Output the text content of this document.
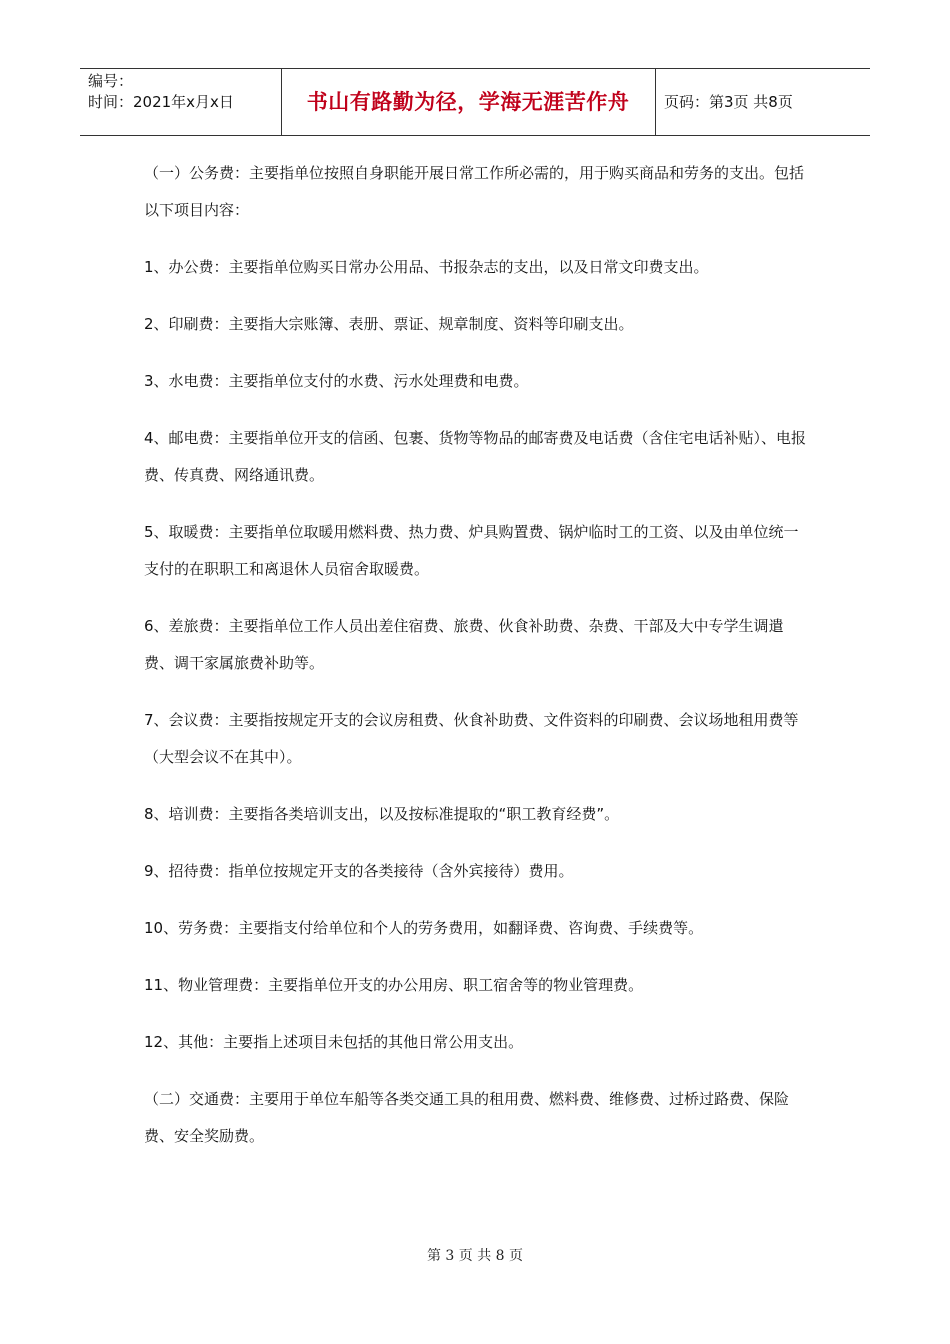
编号：
时间：2021年x月x日	书山有路勤为径，学海无涯苦作舟	页码：第3页 共8页

（一）公务费：主要指单位按照自身职能开展日常工作所必需的，用于购买商品和劳务的支出。包括以下项目内容：

1、办公费：主要指单位购买日常办公用品、书报杂志的支出，以及日常文印费支出。

2、印刷费：主要指大宗账簿、表册、票证、规章制度、资料等印刷支出。

3、水电费：主要指单位支付的水费、污水处理费和电费。

4、邮电费：主要指单位开支的信函、包裹、货物等物品的邮寄费及电话费（含住宅电话补贴）、电报费、传真费、网络通讯费。

5、取暖费：主要指单位取暖用燃料费、热力费、炉具购置费、锅炉临时工的工资、以及由单位统一支付的在职职工和离退休人员宿舍取暖费。

6、差旅费：主要指单位工作人员出差住宿费、旅费、伙食补助费、杂费、干部及大中专学生调遣费、调干家属旅费补助等。

7、会议费：主要指按规定开支的会议房租费、伙食补助费、文件资料的印刷费、会议场地租用费等（大型会议不在其中）。

8、培训费：主要指各类培训支出，以及按标准提取的“职工教育经费”。

9、招待费：指单位按规定开支的各类接待（含外宾接待）费用。

10、劳务费：主要指支付给单位和个人的劳务费用，如翻译费、咨询费、手续费等。

11、物业管理费：主要指单位开支的办公用房、职工宿舍等的物业管理费。

12、其他：主要指上述项目未包括的其他日常公用支出。

（二）交通费：主要用于单位车船等各类交通工具的租用费、燃料费、维修费、过桥过路费、保险费、安全奖励费。

第 3 页 共 8 页
